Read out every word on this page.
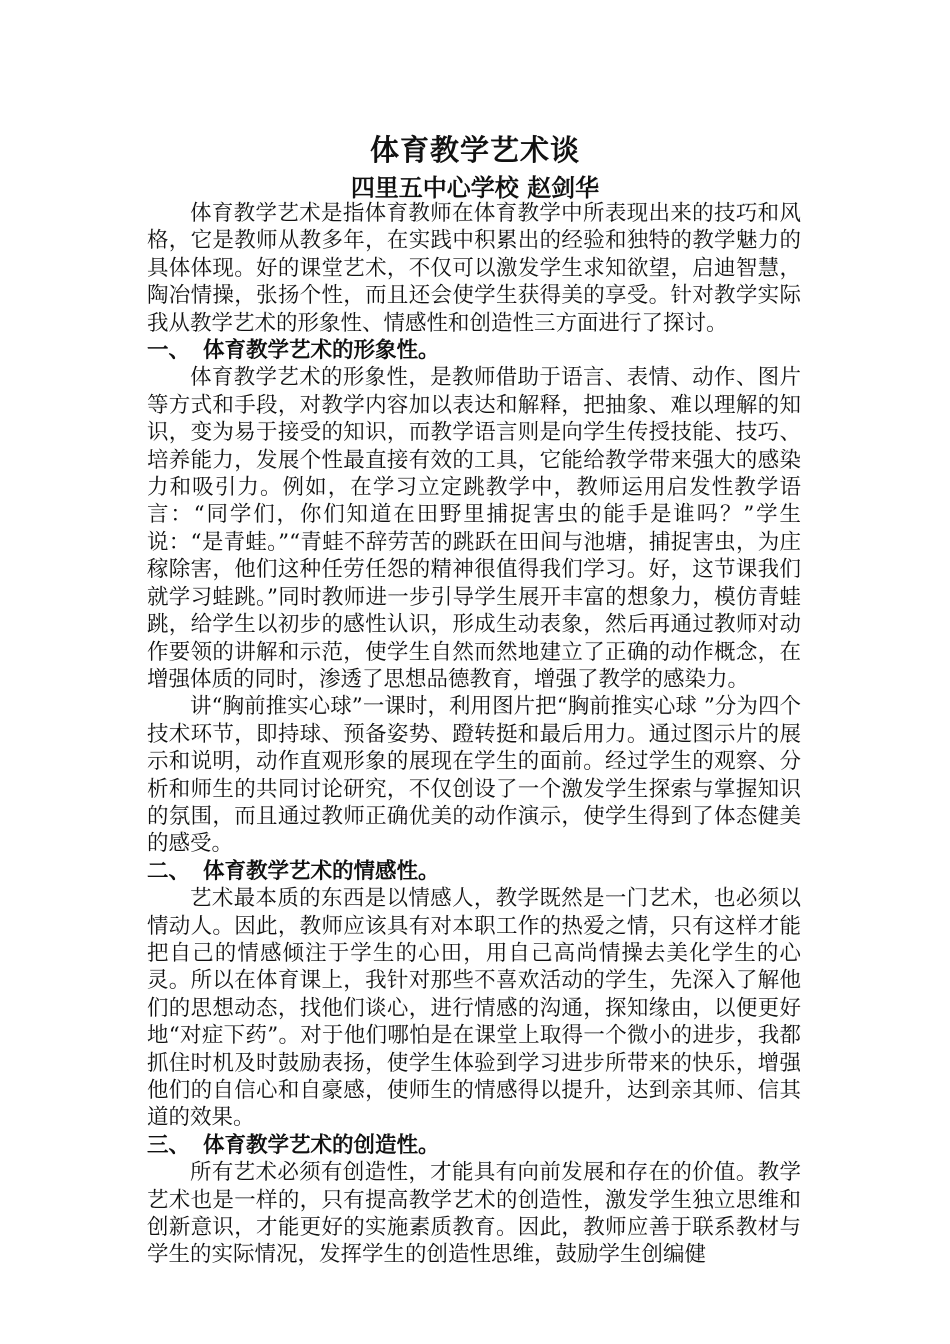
体育教学艺术谈
四里五中心学校 赵剑华

体育教学艺术是指体育教师在体育教学中所表现出来的技巧和风格，它是教师从教多年，在实践中积累出的经验和独特的教学魅力的具体体现。好的课堂艺术，不仅可以激发学生求知欲望，启迪智慧，陶冶情操，张扬个性，而且还会使学生获得美的享受。针对教学实际我从教学艺术的形象性、情感性和创造性三方面进行了探讨。

一、 体育教学艺术的形象性。

体育教学艺术的形象性，是教师借助于语言、表情、动作、图片等方式和手段，对教学内容加以表达和解释，把抽象、难以理解的知识，变为易于接受的知识，而教学语言则是向学生传授技能、技巧、培养能力，发展个性最直接有效的工具，它能给教学带来强大的感染力和吸引力。例如，在学习立定跳教学中，教师运用启发性教学语言：“同学们，你们知道在田野里捕捉害虫的能手是谁吗？”学生说：“是青蛙。”“青蛙不辞劳苦的跳跃在田间与池塘，捕捉害虫，为庄稼除害，他们这种任劳任怨的精神很值得我们学习。好，这节课我们就学习蛙跳。”同时教师进一步引导学生展开丰富的想象力，模仿青蛙跳，给学生以初步的感性认识，形成生动表象，然后再通过教师对动作要领的讲解和示范，使学生自然而然地建立了正确的动作概念，在增强体质的同时，渗透了思想品德教育，增强了教学的感染力。

讲“胸前推实心球”一课时，利用图片把“胸前推实心球 ”分为四个技术环节，即持球、预备姿势、蹬转挺和最后用力。通过图示片的展示和说明，动作直观形象的展现在学生的面前。经过学生的观察、分析和师生的共同讨论研究，不仅创设了一个激发学生探索与掌握知识的氛围，而且通过教师正确优美的动作演示，使学生得到了体态健美的感受。

二、 体育教学艺术的情感性。

艺术最本质的东西是以情感人，教学既然是一门艺术，也必须以情动人。因此，教师应该具有对本职工作的热爱之情，只有这样才能把自己的情感倾注于学生的心田，用自己高尚情操去美化学生的心灵。所以在体育课上，我针对那些不喜欢活动的学生，先深入了解他们的思想动态，找他们谈心，进行情感的沟通，探知缘由，以便更好地“对症下药”。对于他们哪怕是在课堂上取得一个微小的进步，我都抓住时机及时鼓励表扬，使学生体验到学习进步所带来的快乐，增强他们的自信心和自豪感，使师生的情感得以提升，达到亲其师、信其道的效果。

三、 体育教学艺术的创造性。

所有艺术必须有创造性，才能具有向前发展和存在的价值。教学艺术也是一样的，只有提高教学艺术的创造性，激发学生独立思维和创新意识，才能更好的实施素质教育。因此，教师应善于联系教材与学生的实际情况，发挥学生的创造性思维，鼓励学生创编健
